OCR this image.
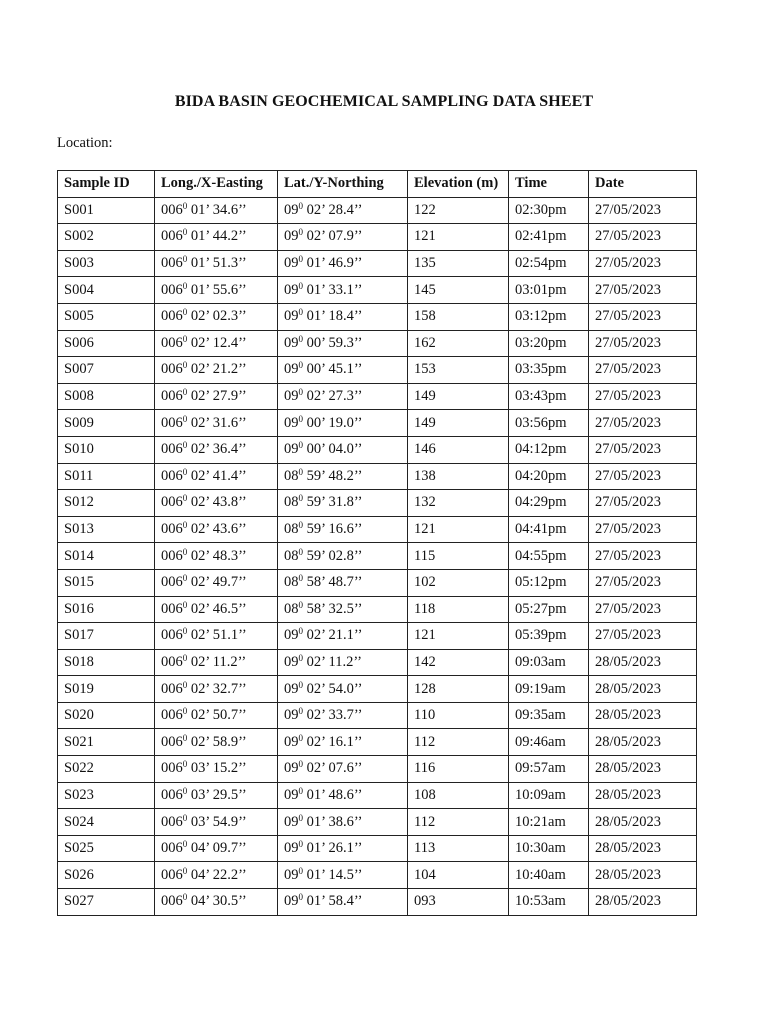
BIDA BASIN GEOCHEMICAL SAMPLING DATA SHEET
Location:
Sample ID	Long./X-Easting	Lat./Y-Northing	Elevation (m)	Time	Date
S001	$006^0$ 01’ 34.6’’	$09^0$ 02’ 28.4’’	122	02:30pm	27/05/2023
S002	$006^0$ 01’ 44.2’’	$09^0$ 02’ 07.9’’	121	02:41pm	27/05/2023
S003	$006^0$ 01’ 51.3’’	$09^0$ 01’ 46.9’’	135	02:54pm	27/05/2023
S004	$006^0$ 01’ 55.6’’	$09^0$ 01’ 33.1’’	145	03:01pm	27/05/2023
S005	$006^0$ 02’ 02.3’’	$09^0$ 01’ 18.4’’	158	03:12pm	27/05/2023
S006	$006^0$ 02’ 12.4’’	$09^0$ 00’ 59.3’’	162	03:20pm	27/05/2023
S007	$006^0$ 02’ 21.2’’	$09^0$ 00’ 45.1’’	153	03:35pm	27/05/2023
S008	$006^0$ 02’ 27.9’’	$09^0$ 02’ 27.3’’	149	03:43pm	27/05/2023
S009	$006^0$ 02’ 31.6’’	$09^0$ 00’ 19.0’’	149	03:56pm	27/05/2023
S010	$006^0$ 02’ 36.4’’	$09^0$ 00’ 04.0’’	146	04:12pm	27/05/2023
S011	$006^0$ 02’ 41.4’’	$08^0$ 59’ 48.2’’	138	04:20pm	27/05/2023
S012	$006^0$ 02’ 43.8’’	$08^0$ 59’ 31.8’’	132	04:29pm	27/05/2023
S013	$006^0$ 02’ 43.6’’	$08^0$ 59’ 16.6’’	121	04:41pm	27/05/2023
S014	$006^0$ 02’ 48.3’’	$08^0$ 59’ 02.8’’	115	04:55pm	27/05/2023
S015	$006^0$ 02’ 49.7’’	$08^0$ 58’ 48.7’’	102	05:12pm	27/05/2023
S016	$006^0$ 02’ 46.5’’	$08^0$ 58’ 32.5’’	118	05:27pm	27/05/2023
S017	$006^0$ 02’ 51.1’’	$09^0$ 02’ 21.1’’	121	05:39pm	27/05/2023
S018	$006^0$ 02’ 11.2’’	$09^0$ 02’ 11.2’’	142	09:03am	28/05/2023
S019	$006^0$ 02’ 32.7’’	$09^0$ 02’ 54.0’’	128	09:19am	28/05/2023
S020	$006^0$ 02’ 50.7’’	$09^0$ 02’ 33.7’’	110	09:35am	28/05/2023
S021	$006^0$ 02’ 58.9’’	$09^0$ 02’ 16.1’’	112	09:46am	28/05/2023
S022	$006^0$ 03’ 15.2’’	$09^0$ 02’ 07.6’’	116	09:57am	28/05/2023
S023	$006^0$ 03’ 29.5’’	$09^0$ 01’ 48.6’’	108	10:09am	28/05/2023
S024	$006^0$ 03’ 54.9’’	$09^0$ 01’ 38.6’’	112	10:21am	28/05/2023
S025	$006^0$ 04’ 09.7’’	$09^0$ 01’ 26.1’’	113	10:30am	28/05/2023
S026	$006^0$ 04’ 22.2’’	$09^0$ 01’ 14.5’’	104	10:40am	28/05/2023
S027	$006^0$ 04’ 30.5’’	$09^0$ 01’ 58.4’’	093	10:53am	28/05/2023
